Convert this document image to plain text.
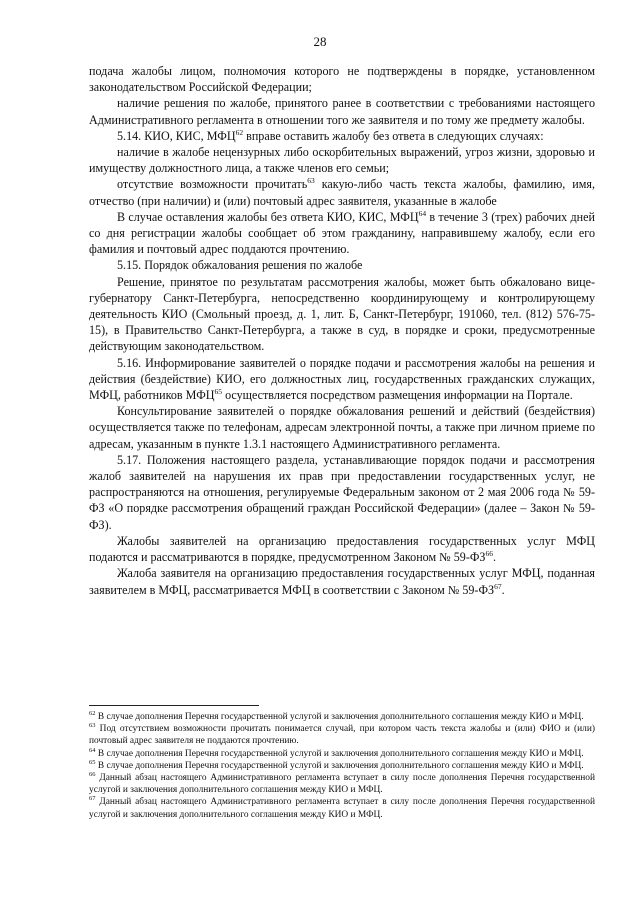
28

подача жалобы лицом, полномочия которого не подтверждены в порядке, установленном законодательством Российской Федерации;

наличие решения по жалобе, принятого ранее в соответствии с требованиями настоящего Административного регламента в отношении того же заявителя и по тому же предмету жалобы.

5.14. КИО, КИС, МФЦ$^{62}$ вправе оставить жалобу без ответа в следующих случаях:

наличие в жалобе нецензурных либо оскорбительных выражений, угроз жизни, здоровью и имуществу должностного лица, а также членов его семьи;

отсутствие возможности прочитать$^{63}$ какую-либо часть текста жалобы, фамилию, имя, отчество (при наличии) и (или) почтовый адрес заявителя, указанные в жалобе

В случае оставления жалобы без ответа КИО, КИС, МФЦ$^{64}$ в течение 3 (трех) рабочих дней со дня регистрации жалобы сообщает об этом гражданину, направившему жалобу, если его фамилия и почтовый адрес поддаются прочтению.

5.15. Порядок обжалования решения по жалобе

Решение, принятое по результатам рассмотрения жалобы, может быть обжаловано вице-губернатору Санкт-Петербурга, непосредственно координирующему и контролирующему деятельность КИО (Смольный проезд, д. 1, лит. Б, Санкт-Петербург, 191060, тел. (812) 576-75-15), в Правительство Санкт-Петербурга, а также в суд, в порядке и сроки, предусмотренные действующим законодательством.

5.16. Информирование заявителей о порядке подачи и рассмотрения жалобы на решения и действия (бездействие) КИО, его должностных лиц, государственных гражданских служащих, МФЦ, работников МФЦ$^{65}$ осуществляется посредством размещения информации на Портале.

Консультирование заявителей о порядке обжалования решений и действий (бездействия) осуществляется также по телефонам, адресам электронной почты, а также при личном приеме по адресам, указанным в пункте 1.3.1 настоящего Административного регламента.

5.17. Положения настоящего раздела, устанавливающие порядок подачи и рассмотрения жалоб заявителей на нарушения их прав при предоставлении государственных услуг, не распространяются на отношения, регулируемые Федеральным законом от 2 мая 2006 года № 59-ФЗ «О порядке рассмотрения обращений граждан Российской Федерации» (далее – Закон № 59-ФЗ).

Жалобы заявителей на организацию предоставления государственных услуг МФЦ подаются и рассматриваются в порядке, предусмотренном Законом № 59-ФЗ$^{66}$.

Жалоба заявителя на организацию предоставления государственных услуг МФЦ, поданная заявителем в МФЦ, рассматривается МФЦ в соответствии с Законом № 59-ФЗ$^{67}$.

$^{62}$ В случае дополнения Перечня государственной услугой и заключения дополнительного соглашения между КИО и МФЦ.

$^{63}$ Под отсутствием возможности прочитать понимается случай, при котором часть текста жалобы и (или) ФИО и (или) почтовый адрес заявителя не поддаются прочтению.

$^{64}$ В случае дополнения Перечня государственной услугой и заключения дополнительного соглашения между КИО и МФЦ.

$^{65}$ В случае дополнения Перечня государственной услугой и заключения дополнительного соглашения между КИО и МФЦ.

$^{66}$ Данный абзац настоящего Административного регламента вступает в силу после дополнения Перечня государственной услугой и заключения дополнительного соглашения между КИО и МФЦ.

$^{67}$ Данный абзац настоящего Административного регламента вступает в силу после дополнения Перечня государственной услугой и заключения дополнительного соглашения между КИО и МФЦ.
